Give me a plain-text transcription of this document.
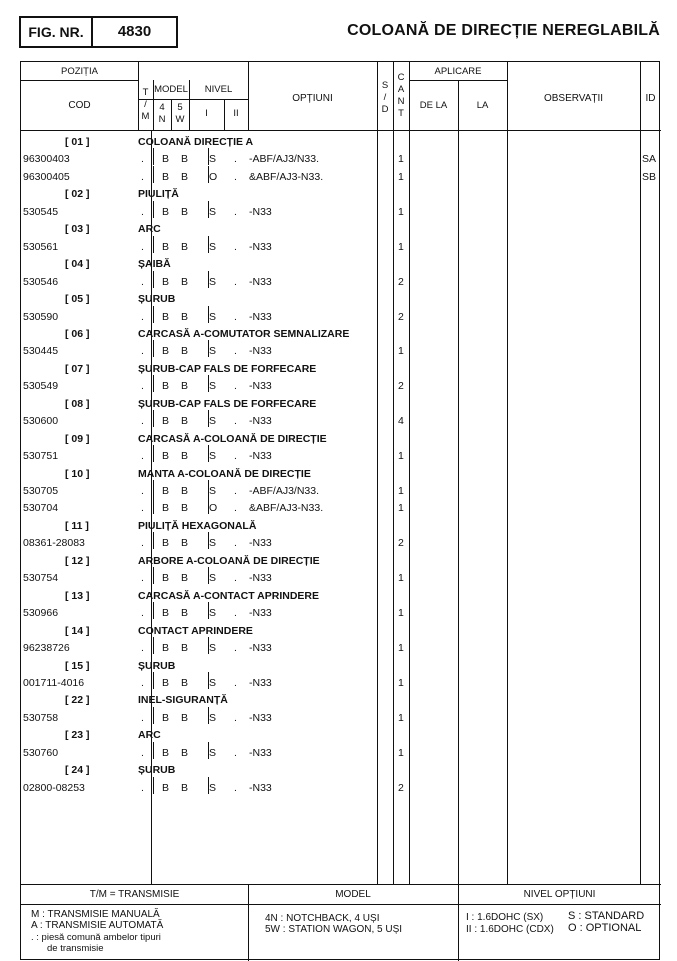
FIG. NR.	4830	COLOANĂ DE DIRECȚIE NEREGLABILĂ
POZIȚIA
COD
T
/
M
MODEL
4
N
5
W
NIVEL
I	II
OPȚIUNI
S
/
D
C
A
N
T
APLICARE
DE LA	LA
OBSERVAȚII	ID
[ 01 ]	COLOANĂ DIRECȚIE A
96300403	. B B S . -ABF/AJ3/N33.	1	SA
96300405	. B B O . &ABF/AJ3-N33.	1	SB
[ 02 ]	PIULIȚĂ
530545	. B B S . -N33	1
[ 03 ]	ARC
530561	. B B S . -N33	1
[ 04 ]	ȘAIBĂ
530546	. B B S . -N33	2
[ 05 ]	ȘURUB
530590	. B B S . -N33	2
[ 06 ]	CARCASĂ A-COMUTATOR SEMNALIZARE
530445	. B B S . -N33	1
[ 07 ]	ȘURUB-CAP FALS DE FORFECARE
530549	. B B S . -N33	2
[ 08 ]	ȘURUB-CAP FALS DE FORFECARE
530600	. B B S . -N33	4
[ 09 ]	CARCASĂ A-COLOANĂ DE DIRECȚIE
530751	. B B S . -N33	1
[ 10 ]	MANTA A-COLOANĂ DE DIRECȚIE
530705	. B B S . -ABF/AJ3/N33.	1
530704	. B B O . &ABF/AJ3-N33.	1
[ 11 ]	PIULIȚĂ HEXAGONALĂ
08361-28083	. B B S . -N33	2
[ 12 ]	ARBORE A-COLOANĂ DE DIRECȚIE
530754	. B B S . -N33	1
[ 13 ]	CARCASĂ A-CONTACT APRINDERE
530966	. B B S . -N33	1
[ 14 ]	CONTACT APRINDERE
96238726	. B B S . -N33	1
[ 15 ]	ȘURUB
001711-4016	. B B S . -N33	1
[ 22 ]	INEL-SIGURANȚĂ
530758	. B B S . -N33	1
[ 23 ]	ARC
530760	. B B S . -N33	1
[ 24 ]	ȘURUB
02800-08253	. B B S . -N33	2
T/M = TRANSMISIE	MODEL	NIVEL OPȚIUNI
M : TRANSMISIE MANUALĂ
A : TRANSMISIE AUTOMATĂ
. : piesă comună ambelor tipuri
de transmisie
4N : NOTCHBACK, 4 UȘI
5W : STATION WAGON, 5 UȘI
I : 1.6DOHC (SX)
II : 1.6DOHC (CDX)
S : STANDARD
O : OPTIONAL
